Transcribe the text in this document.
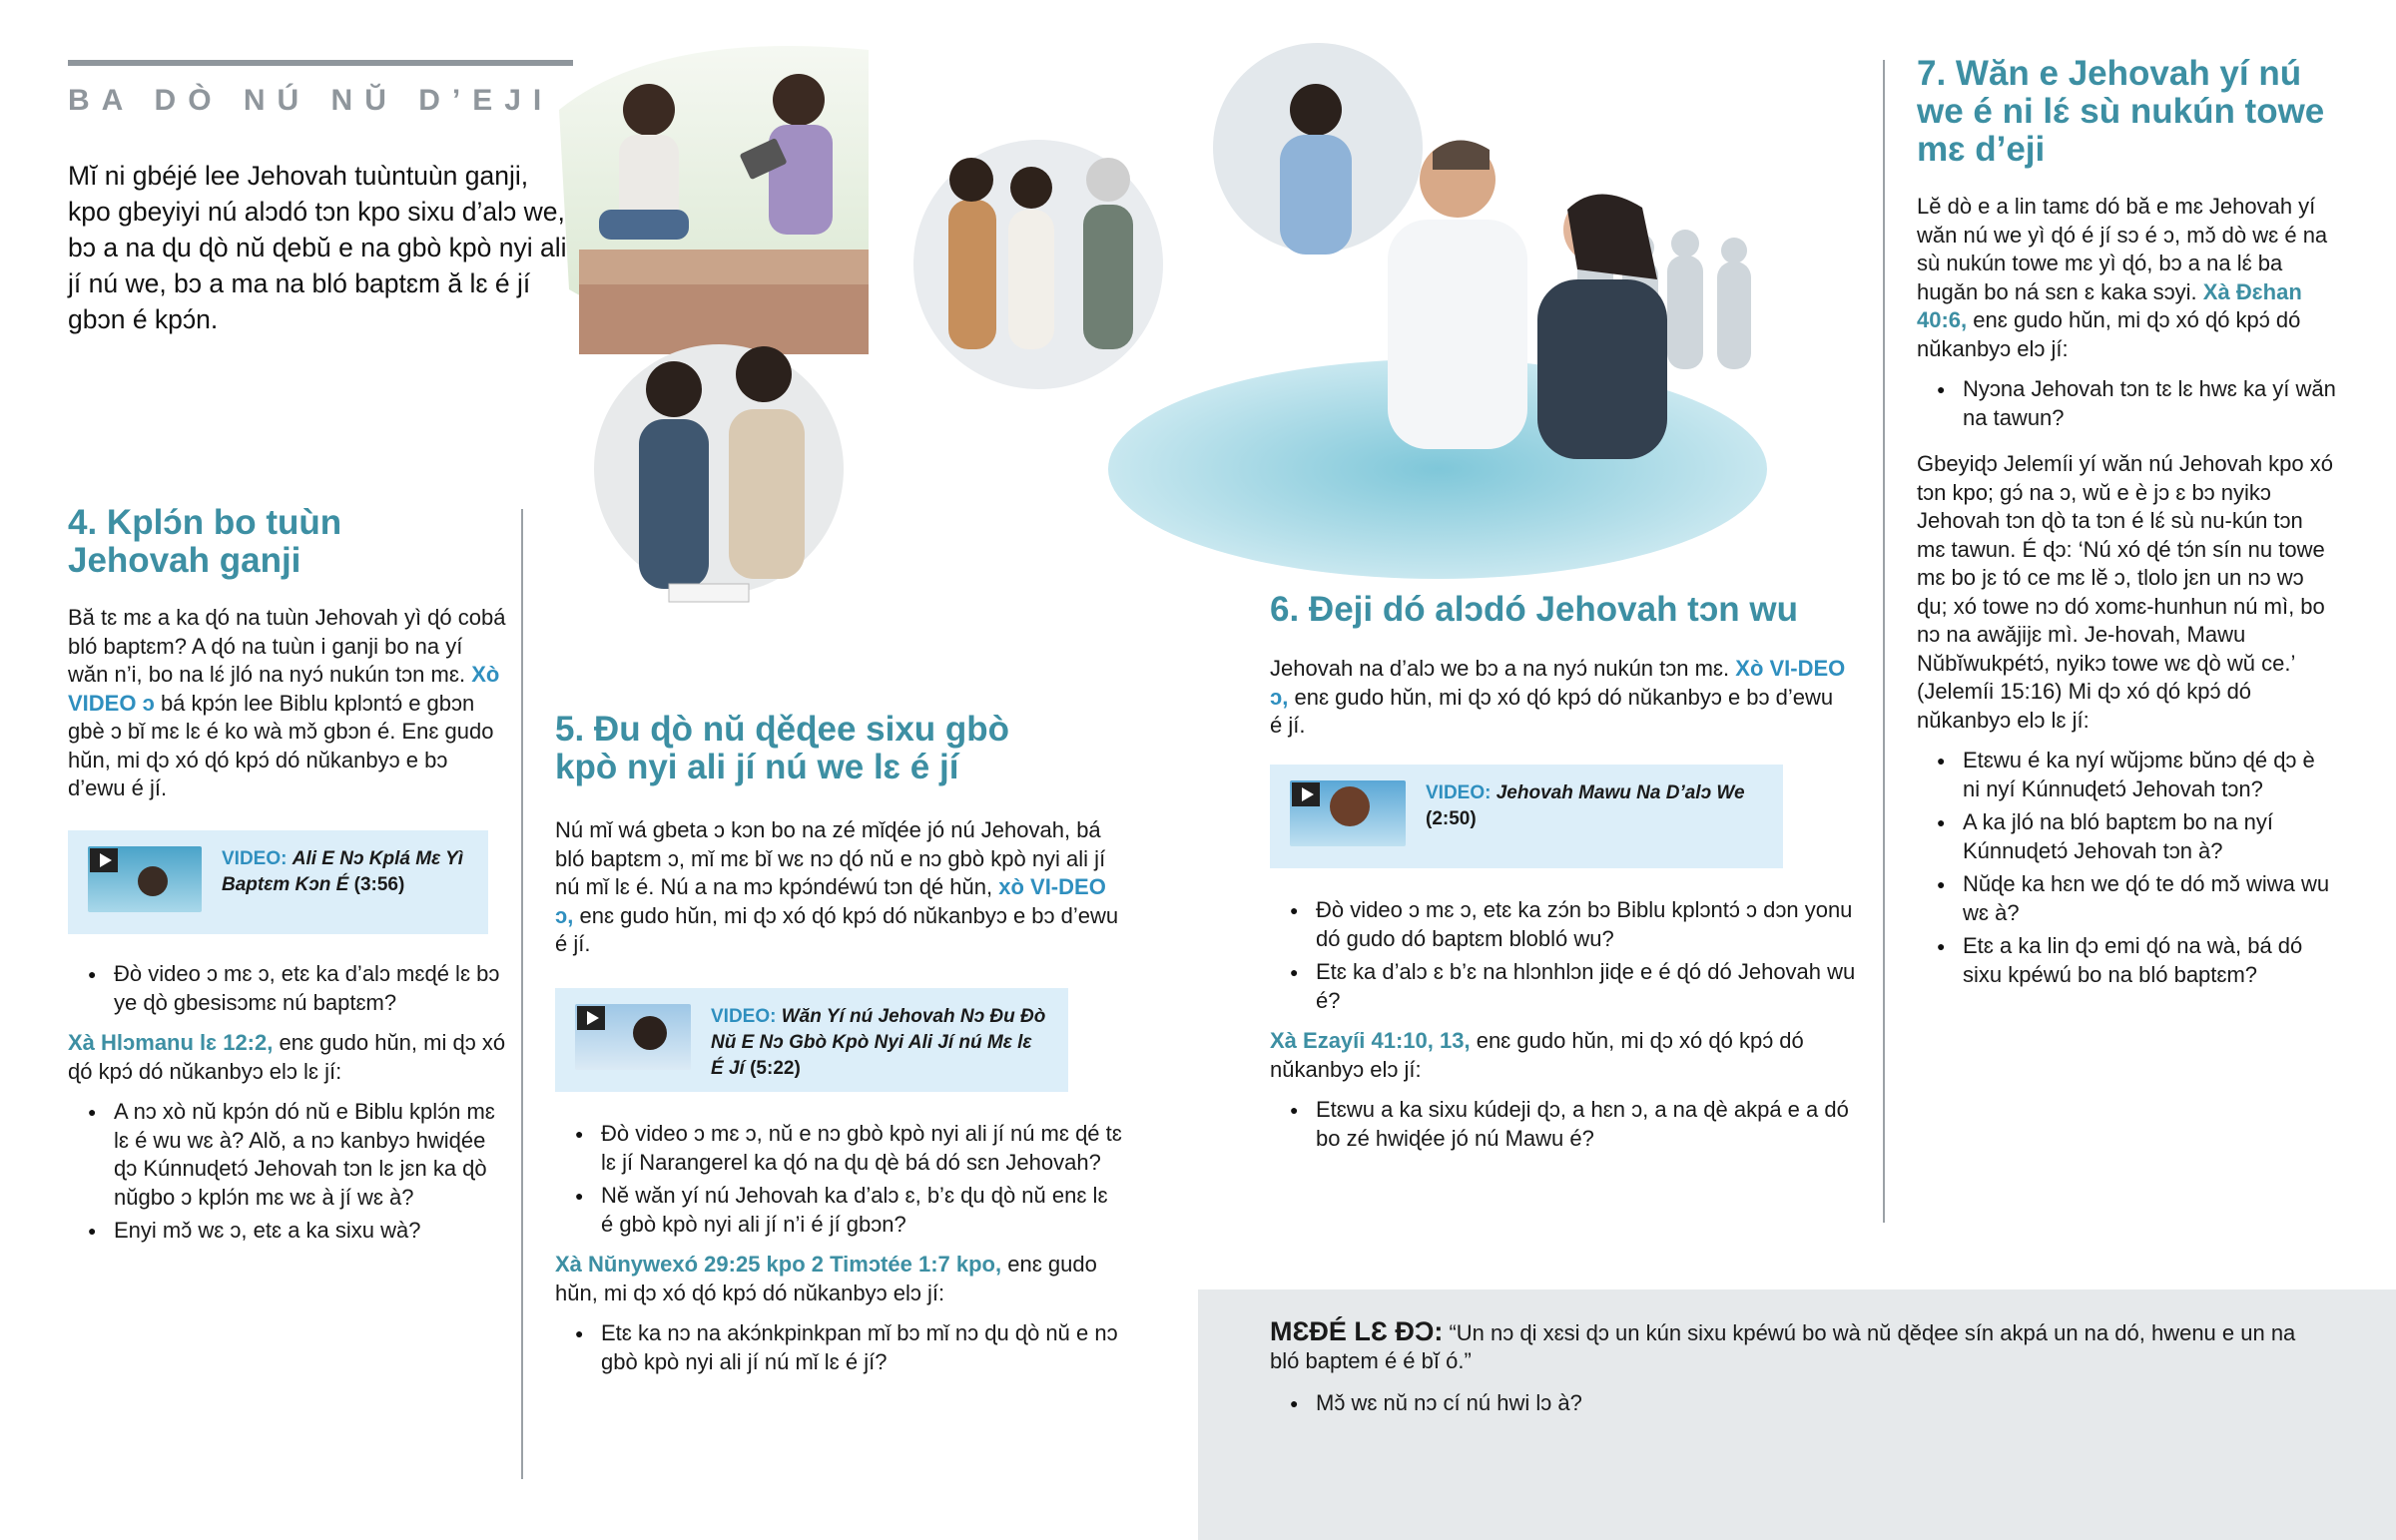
BA DÒ NÚ NŬ D’EJI
Mĭ ni gbéjé lee Jehovah tuùntuùn ganji, kpo gbeyiyi nú alɔdó tɔn kpo sixu d’alɔ we, bɔ a na ɖu ɖò nŭ ɖebŭ e na gbò kpò nyi ali jí nú we, bɔ a ma na bló baptɛm ă lɛ é jí gbɔn é kpɔ́n.
4. Kplɔ́n bo tuùn
Jehovah ganji

Bă tɛ mɛ a ka ɖó na tuùn Jehovah yì ɖó cobá bló baptɛm? A ɖó na tuùn i ganji bo na yí wăn n’i, bo na lɛ́ jló na nyɔ́ nukún tɔn mɛ. Xò VIDEO ɔ bá kpɔ́n lee Biblu kplɔntɔ́ e gbɔn gbè ɔ bǐ mɛ lɛ é ko wà mɔ̌ gbɔn é. Enɛ gudo hŭn, mi ɖɔ xó ɖó kpɔ́ dó nŭkanbyɔ e bɔ d’ewu é jí.

VIDEO: Ali E Nɔ Kplá Mɛ Yì Baptɛm Kɔn É (3:56)
● Ðò video ɔ mɛ ɔ, etɛ ka d’alɔ mɛɖé lɛ bɔ ye ɖò gbesisɔmɛ nú baptɛm?

Xà Hlɔmanu lɛ 12:2, enɛ gudo hŭn, mi ɖɔ xó ɖó kpɔ́ dó nŭkanbyɔ elɔ lɛ jí:

● A nɔ xò nŭ kpɔ́n dó nŭ e Biblu kplɔ́n mɛ lɛ é wu wɛ à? Alŏ, a nɔ kanbyɔ hwiɖée ɖɔ Kúnnuɖetɔ́ Jehovah tɔn lɛ jɛn ka ɖò nŭgbo ɔ kplɔ́n mɛ wɛ à jí wɛ à?
● Enyi mɔ̌ wɛ ɔ, etɛ a ka sixu wà?
5. Ðu ɖò nŭ ɖěɖee sixu gbò
kpò nyi ali jí nú we lɛ é jí

Nú mǐ wá gbeta ɔ kɔn bo na zé mǐɖée jó nú Jehovah, bá bló baptɛm ɔ, mǐ mɛ bǐ wɛ nɔ ɖó nŭ e nɔ gbò kpò nyi ali jí nú mǐ lɛ é. Nú a na mɔ kpɔ́ndéwú tɔn ɖé hŭn, xò VI-DEO ɔ, enɛ gudo hŭn, mi ɖɔ xó ɖó kpɔ́ dó nŭkanbyɔ e bɔ d’ewu é jí.

VIDEO: Wăn Yí nú Jehovah Nɔ Ðu Ðò Nŭ E Nɔ Gbò Kpò Nyi Ali Jí nú Mɛ lɛ É Jí (5:22)
● Ðò video ɔ mɛ ɔ, nŭ e nɔ gbò kpò nyi ali jí nú mɛ ɖé tɛ lɛ jí Narangerel ka ɖó na ɖu ɖè bá dó sɛn Jehovah?
● Nĕ wăn yí nú Jehovah ka d’alɔ ɛ, b’ɛ ɖu ɖò nŭ enɛ lɛ é gbò kpò nyi ali jí n’i é jí gbɔn?

Xà Nŭnywexó 29:25 kpo 2 Timɔtée 1:7 kpo, enɛ gudo hŭn, mi ɖɔ xó ɖó kpɔ́ dó nŭkanbyɔ elɔ jí:

● Etɛ ka nɔ na akɔ́nkpinkpan mǐ bɔ mǐ nɔ ɖu ɖò nŭ e nɔ gbò kpò nyi ali jí nú mǐ lɛ é jí?
6. Ðeji dó alɔdó Jehovah tɔn wu

Jehovah na d’alɔ we bɔ a na nyɔ́ nukún tɔn mɛ. Xò VI-DEO ɔ, enɛ gudo hŭn, mi ɖɔ xó ɖó kpɔ́ dó nŭkanbyɔ e bɔ d’ewu é jí.

VIDEO: Jehovah Mawu Na D’alɔ We
(2:50)
● Ðò video ɔ mɛ ɔ, etɛ ka zɔ́n bɔ Biblu kplɔntɔ́ ɔ dɔn yonu dó gudo dó baptɛm blobló wu?
● Etɛ ka d’alɔ ɛ b’ɛ na hlɔnhlɔn jiɖe e é ɖó dó Jehovah wu é?

Xà Ezayíi 41:10, 13, enɛ gudo hŭn, mi ɖɔ xó ɖó kpɔ́ dó nŭkanbyɔ elɔ jí:

● Etɛwu a ka sixu kúdeji ɖɔ, a hɛn ɔ, a na ɖè akpá e a dó bo zé hwiɖée jó nú Mawu é?
7. Wăn e Jehovah yí nú
we é ni lɛ́ sù nukún towe
mɛ d’eji

Lĕ dò e a lin tamɛ dó bă e mɛ Jehovah yí wăn nú we yì ɖó é jí sɔ é ɔ, mɔ̌ dò wɛ é na sù nukún towe mɛ yì ɖó, bɔ a na lɛ́ ba hugǎn bo ná sɛn ɛ kaka sɔyi. Xà Ðɛhan 40:6, enɛ gudo hŭn, mi ɖɔ xó ɖó kpɔ́ dó nŭkanbyɔ elɔ jí:

● Nyɔna Jehovah tɔn tɛ lɛ hwɛ ka yí wăn na tawun?

Gbeyiɖɔ Jelemíi yí wăn nú Jehovah kpo xó tɔn kpo; gɔ́ na ɔ, wŭ e è jɔ ɛ bɔ nyikɔ Jehovah tɔn ɖò ta tɔn é lɛ́ sù nu-kún tɔn mɛ tawun. É ɖɔ: ‘Nú xó ɖé tɔ́n sín nu towe mɛ bo jɛ tó ce mɛ lĕ ɔ, tlolo jɛn un nɔ wɔ ɖu; xó towe nɔ dó xomɛ-hunhun nú mì, bo nɔ na awǎjijɛ mì. Je-hovah, Mawu Nŭbĭwukpétɔ́, nyikɔ towe wɛ ɖò wŭ ce.’ (Jelemíi 15:16) Mi ɖɔ xó ɖó kpɔ́ dó nŭkanbyɔ elɔ lɛ jí:

● Etɛwu é ka nyí wŭjɔmɛ bŭnɔ ɖé ɖɔ è ni nyí Kúnnuɖetɔ́ Jehovah tɔn?
● A ka jló na bló baptɛm bo na nyí Kúnnuɖetɔ́ Jehovah tɔn à?
● Nŭɖe ka hɛn we ɖó te dó mɔ̌ wiwa wu wɛ à?
● Etɛ a ka lin ɖɔ emi ɖó na wà, bá dó sixu kpéwú bo na bló baptɛm?

MƐÐÉ LƐ ÐƆ: “Un nɔ ɖi xɛsi ɖɔ un kún sixu kpéwú bo wà nŭ ɖěɖee sín akpá un na dó, hwenu e un na bló baptem é é bĭ ó.”

● Mɔ̌ wɛ nŭ nɔ cí nú hwi lɔ à?
